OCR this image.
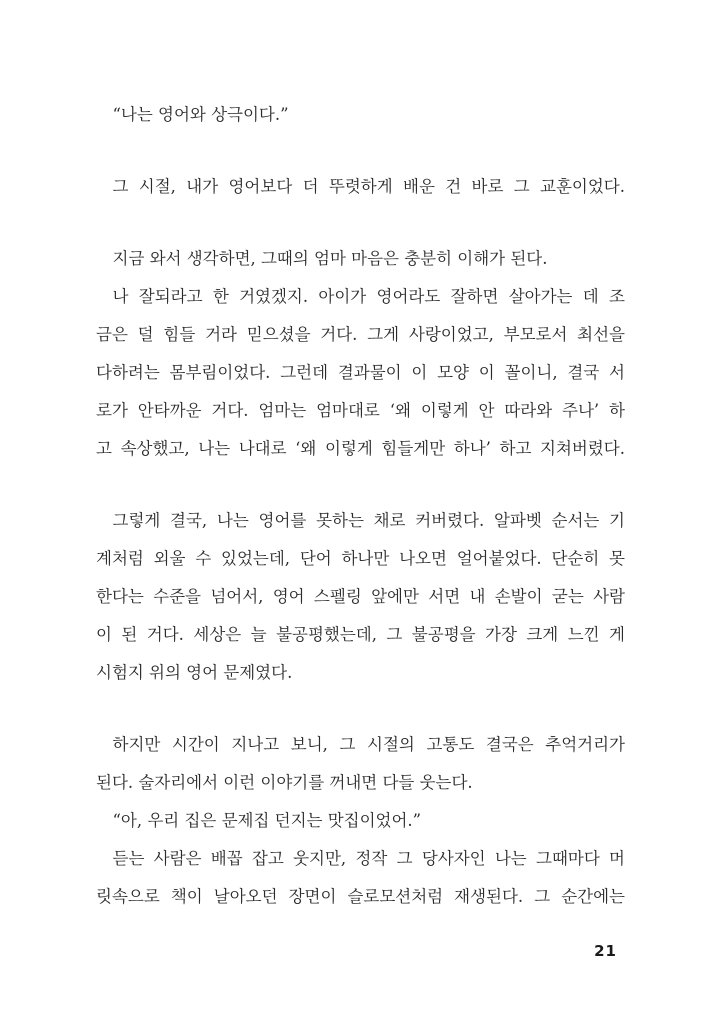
“나는 영어와 상극이다.”
그 시절, 내가 영어보다 더 뚜렷하게 배운 건 바로 그 교훈이었다.
지금 와서 생각하면, 그때의 엄마 마음은 충분히 이해가 된다.
나 잘되라고 한 거였겠지. 아이가 영어라도 잘하면 살아가는 데 조
금은 덜 힘들 거라 믿으셨을 거다. 그게 사랑이었고, 부모로서 최선을
다하려는 몸부림이었다. 그런데 결과물이 이 모양 이 꼴이니, 결국 서
로가 안타까운 거다. 엄마는 엄마대로 ‘왜 이렇게 안 따라와 주나’ 하
고 속상했고, 나는 나대로 ‘왜 이렇게 힘들게만 하나’ 하고 지쳐버렸다.
그렇게 결국, 나는 영어를 못하는 채로 커버렸다. 알파벳 순서는 기
계처럼 외울 수 있었는데, 단어 하나만 나오면 얼어붙었다. 단순히 못
한다는 수준을 넘어서, 영어 스펠링 앞에만 서면 내 손발이 굳는 사람
이 된 거다. 세상은 늘 불공평했는데, 그 불공평을 가장 크게 느낀 게
시험지 위의 영어 문제였다.
하지만 시간이 지나고 보니, 그 시절의 고통도 결국은 추억거리가
된다. 술자리에서 이런 이야기를 꺼내면 다들 웃는다.
“아, 우리 집은 문제집 던지는 맛집이었어.”
듣는 사람은 배꼽 잡고 웃지만, 정작 그 당사자인 나는 그때마다 머
릿속으로 책이 날아오던 장면이 슬로모션처럼 재생된다. 그 순간에는
21
